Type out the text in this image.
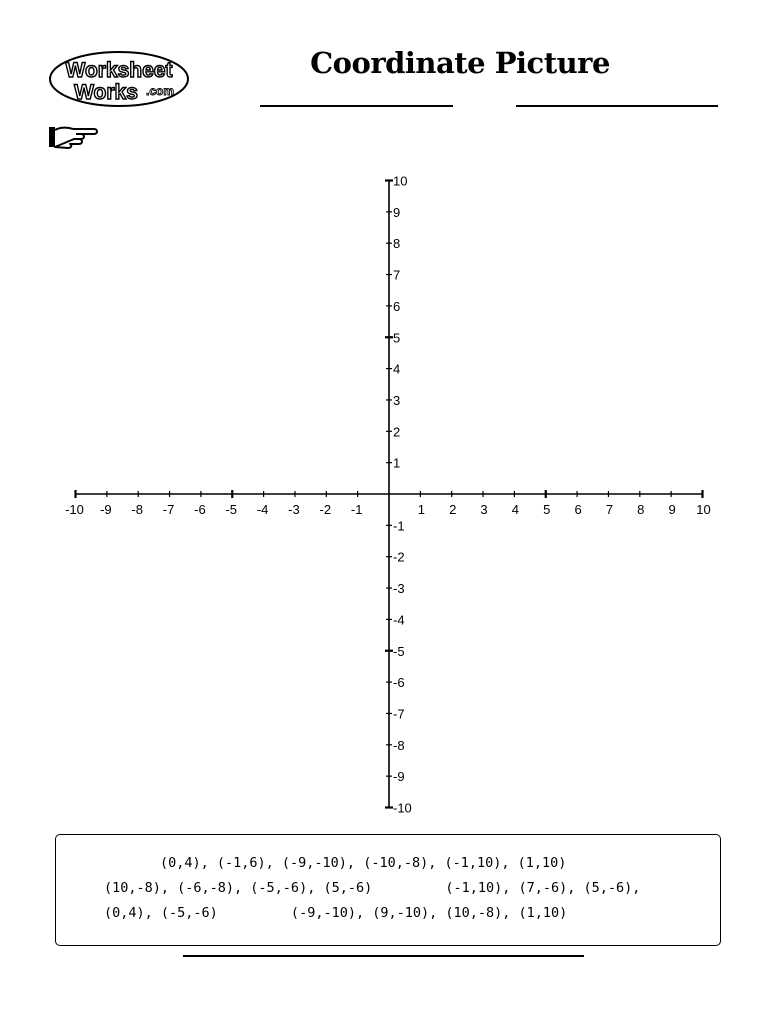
Worksheet
Works .com
Coordinate Picture
-10 -9 -8 -7 -6 -5 -4 -3 -2 -1	1 2 3 4 5 6 7 8 9 10
10
9
8
7
6
5
4
3
2
1
-1
-2
-3
-4
-5
-6
-7
-8
-9
-10
(0,4), (-1,6), (-9,-10), (-10,-8), (-1,10), (1,10)
(10,-8), (-6,-8), (-5,-6), (5,-6)         (-1,10), (7,-6), (5,-6),
(0,4), (-5,-6)         (-9,-10), (9,-10), (10,-8), (1,10)
